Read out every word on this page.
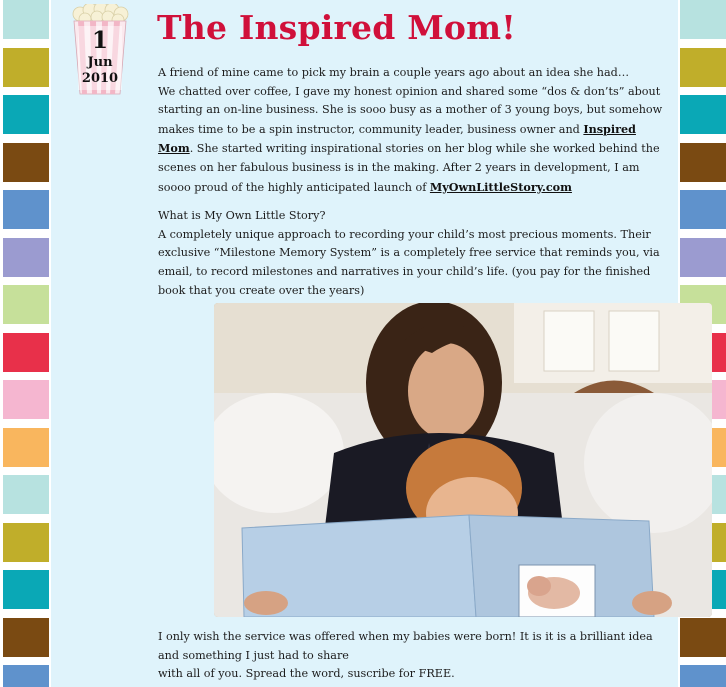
1
Jun
2010
The Inspired Mom!

A friend of mine came to pick my brain a couple years ago about an idea she had…
We chatted over coffee, I gave my honest opinion and shared some “dos & don’ts” about starting an on-line business. She is sooo busy as a mother of 3 young boys, but somehow makes time to be a spin instructor, community leader, business owner and Inspired Mom. She started writing inspirational stories on her blog while she worked behind the scenes on her fabulous business is in the making. After 2 years in development, I am soooo proud of the highly anticipated launch of MyOwnLittleStory.com

What is My Own Little Story?
A completely unique approach to recording your child’s most precious moments. Their exclusive “Milestone Memory System” is a completely free service that reminds you, via email, to record milestones and narratives in your child’s life. (you pay for the finished book that you create over the years)

I only wish the service was offered when my babies were born! It is it is a brilliant idea and something I just had to share
with all of you. Spread the word, suscribe for FREE.
